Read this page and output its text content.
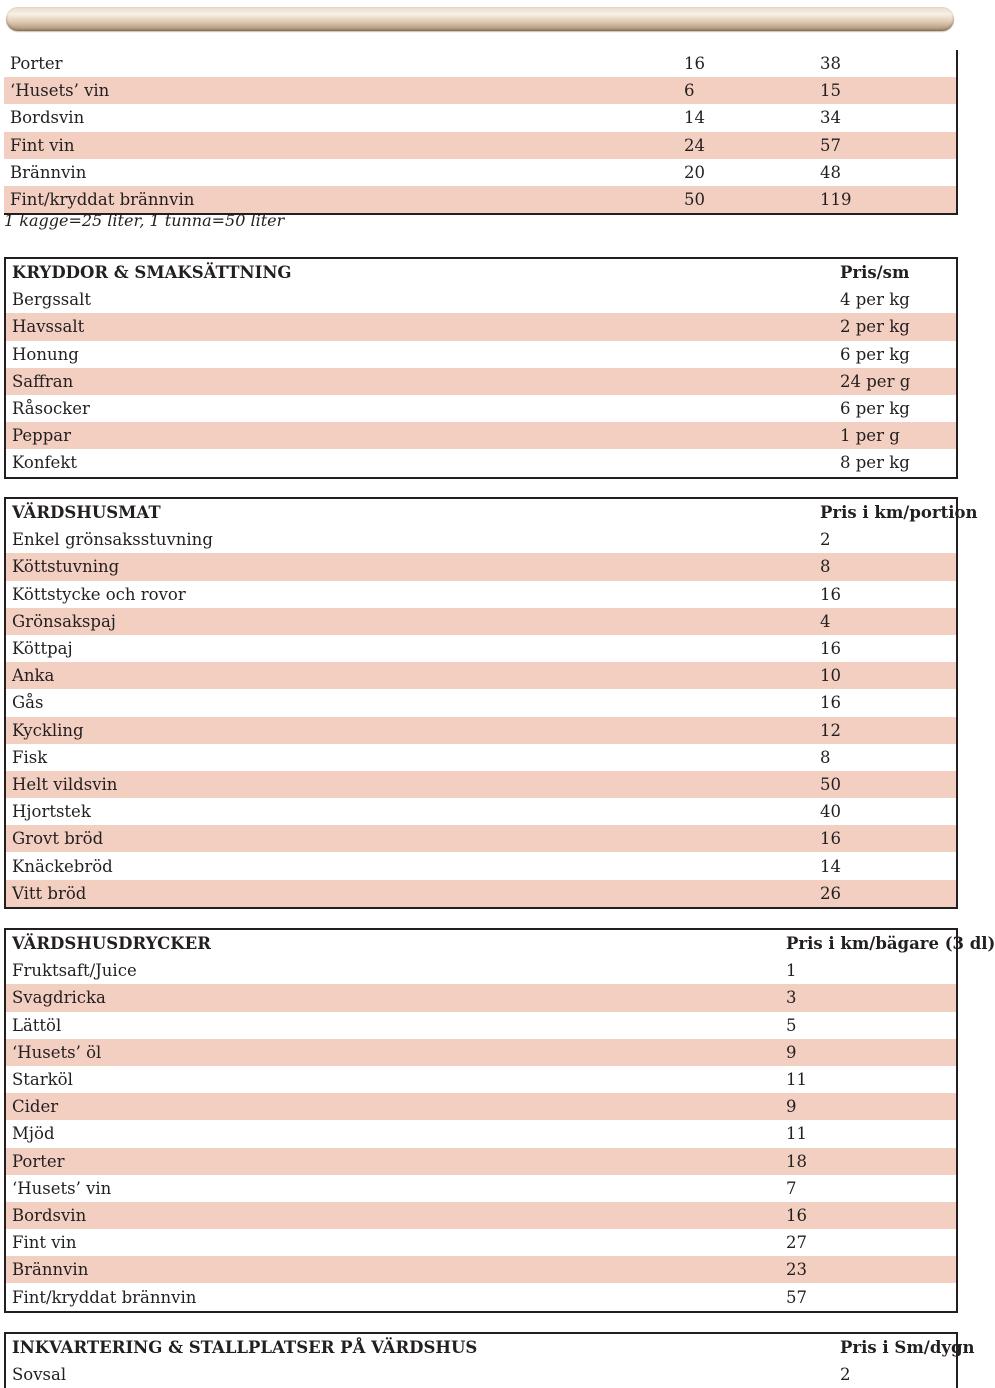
Porter	16	38
‘Husets’ vin	6	15
Bordsvin	14	34
Fint vin	24	57
Brännvin	20	48
Fint/kryddat brännvin	50	119
1 kagge=25 liter, 1 tunna=50 liter
KRYDDOR & SMAKSÄTTNING	Pris/sm
Bergssalt	4 per kg
Havssalt	2 per kg
Honung	6 per kg
Saffran	24 per g
Råsocker	6 per kg
Peppar	1 per g
Konfekt	8 per kg
VÄRDSHUSMAT	Pris i km/portion
Enkel grönsaksstuvning	2
Köttstuvning	8
Köttstycke och rovor	16
Grönsakspaj	4
Köttpaj	16
Anka	10
Gås	16
Kyckling	12
Fisk	8
Helt vildsvin	50
Hjortstek	40
Grovt bröd	16
Knäckebröd	14
Vitt bröd	26
VÄRDSHUSDRYCKER	Pris i km/bägare (3 dl)
Fruktsaft/Juice	1
Svagdricka	3
Lättöl	5
‘Husets’ öl	9
Starköl	11
Cider	9
Mjöd	11
Porter	18
‘Husets’ vin	7
Bordsvin	16
Fint vin	27
Brännvin	23
Fint/kryddat brännvin	57
INKVARTERING & STALLPLATSER PÅ VÄRDSHUS	Pris i Sm/dygn
Sovsal	2
